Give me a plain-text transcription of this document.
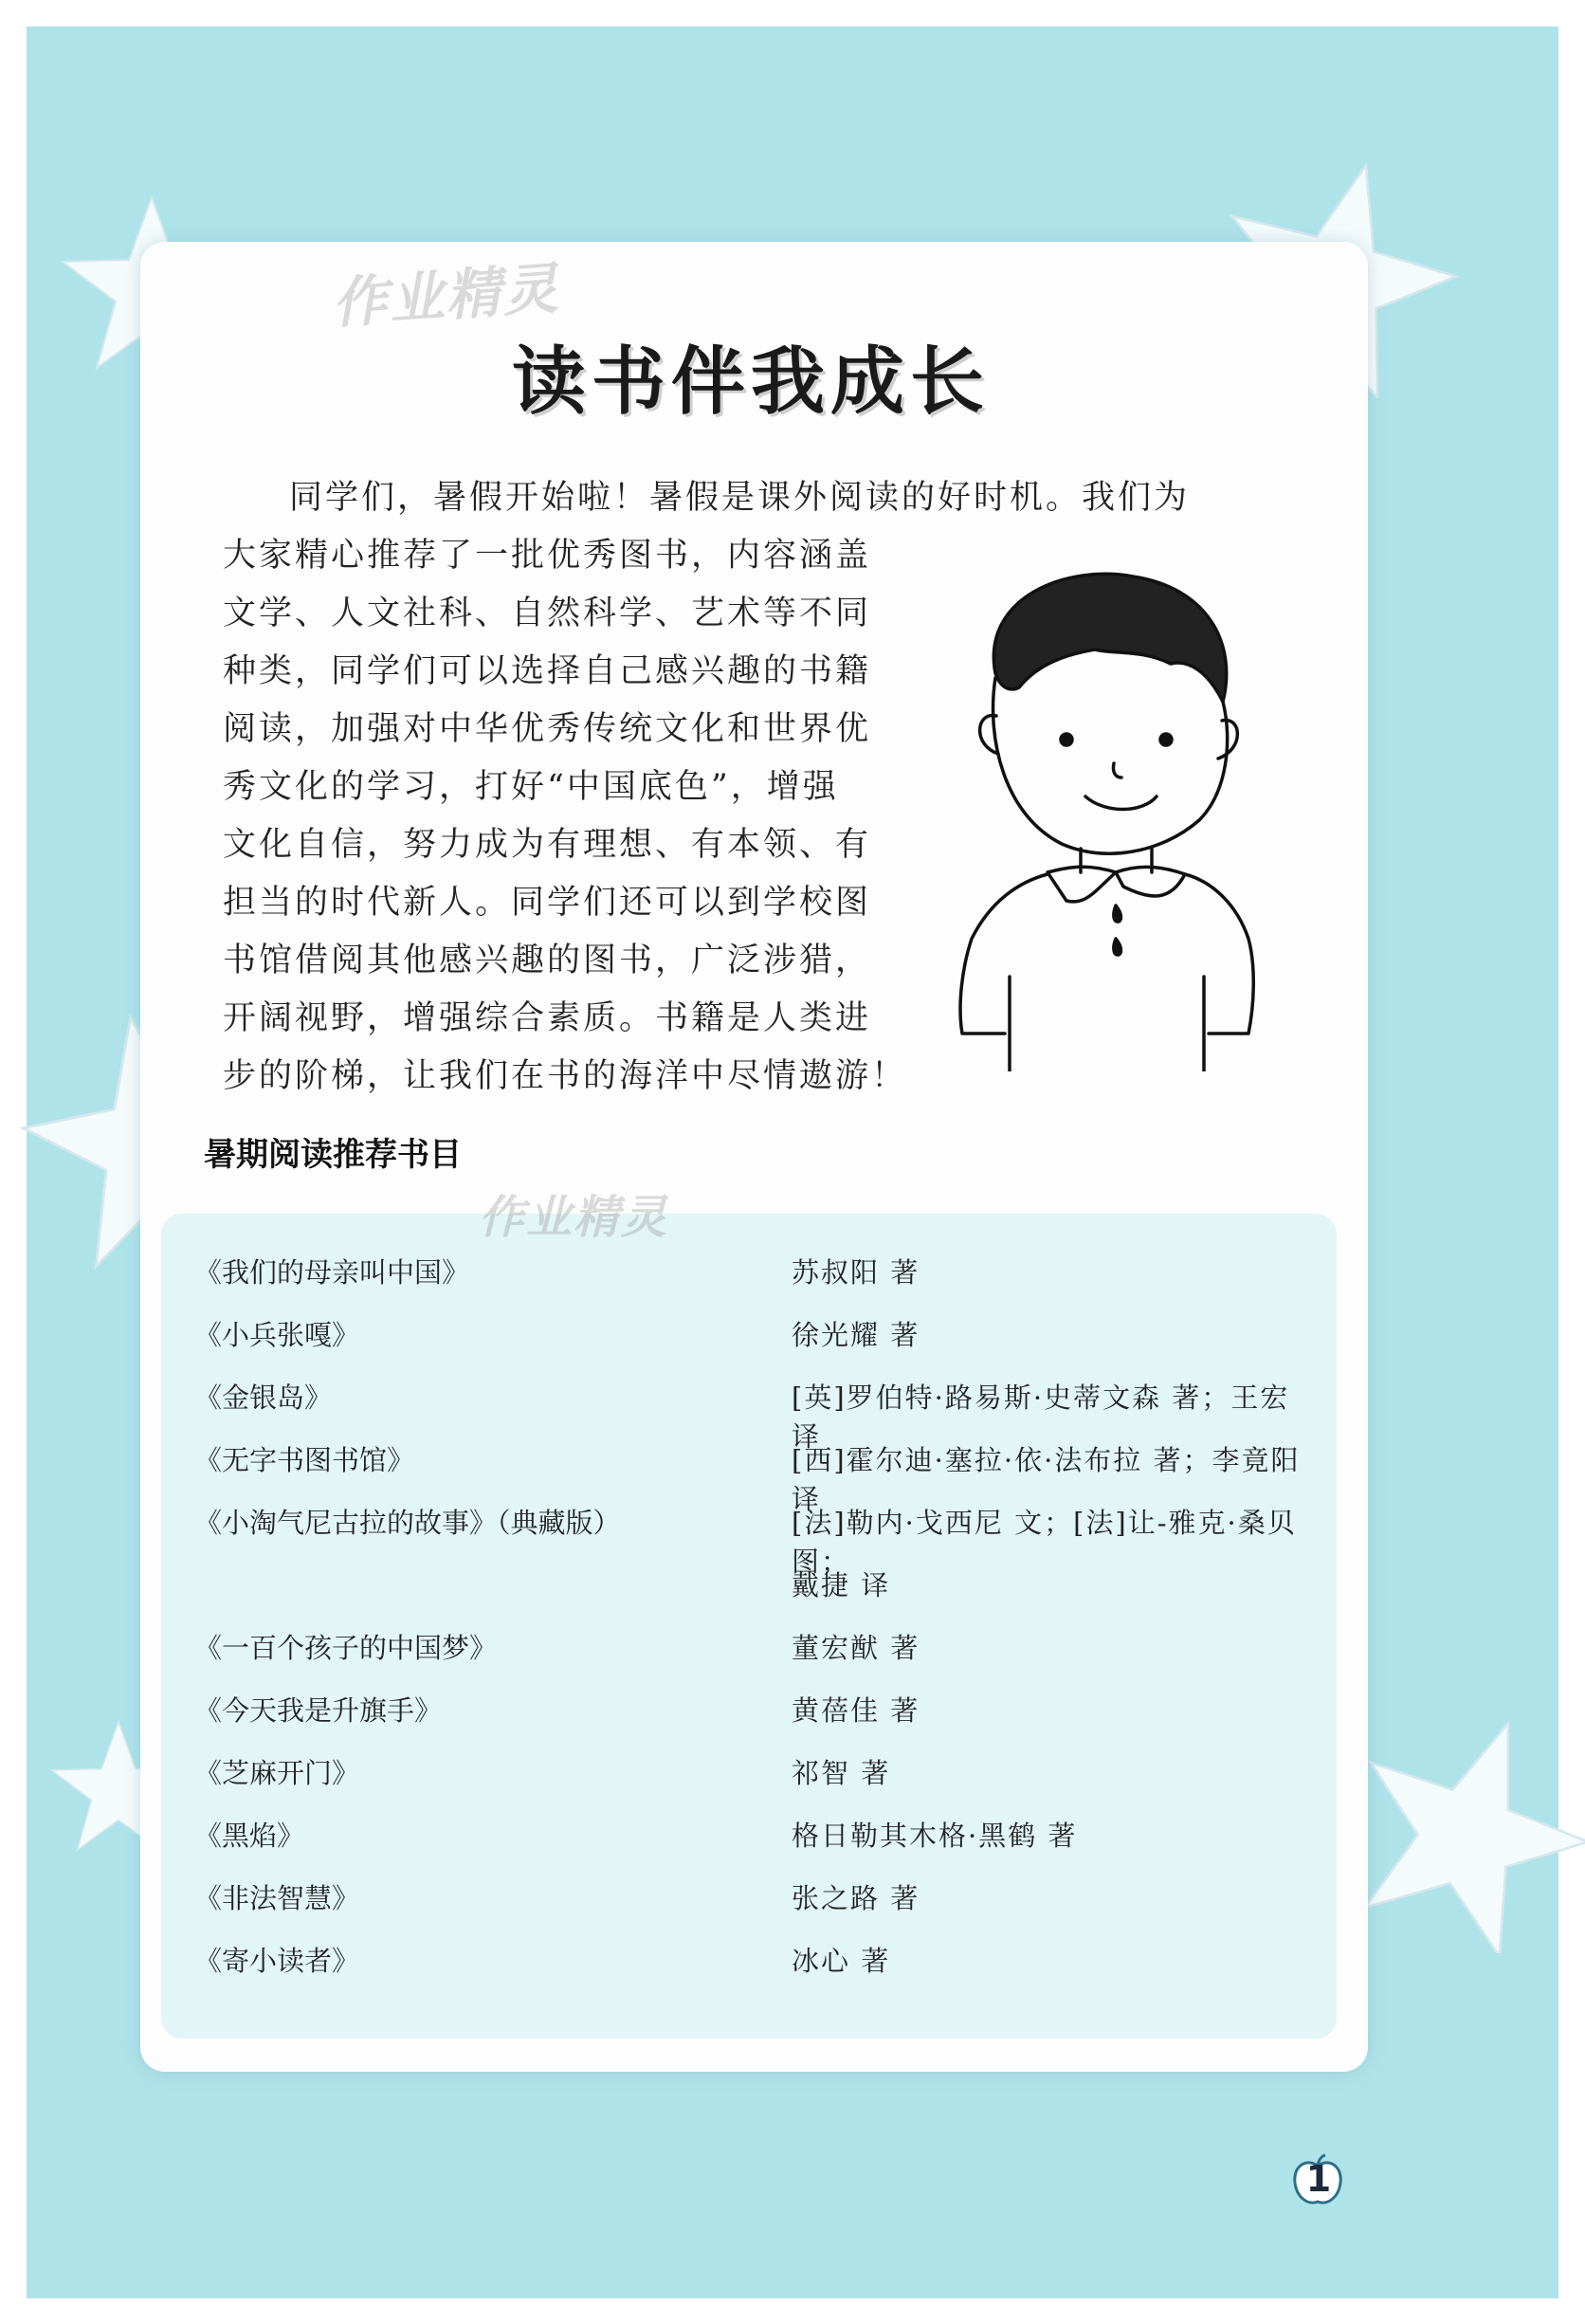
作业精灵
读书伴我成长
同学们，暑假开始啦！暑假是课外阅读的好时机。我们为
大家精心推荐了一批优秀图书，内容涵盖
文学、人文社科、自然科学、艺术等不同
种类，同学们可以选择自己感兴趣的书籍
阅读，加强对中华优秀传统文化和世界优
秀文化的学习，打好“中国底色”，增强
文化自信，努力成为有理想、有本领、有
担当的时代新人。同学们还可以到学校图
书馆借阅其他感兴趣的图书，广泛涉猎，
开阔视野，增强综合素质。书籍是人类进
步的阶梯，让我们在书的海洋中尽情遨游！
暑期阅读推荐书目
《我们的母亲叫中国》	苏叔阳 著
《小兵张嘎》	徐光耀 著
《金银岛》	[英]罗伯特·路易斯·史蒂文森 著；王宏 译
《无字书图书馆》	[西]霍尔迪·塞拉·依·法布拉 著；李竟阳 译
《小淘气尼古拉的故事》（典藏版）	[法]勒内·戈西尼 文；[法]让-雅克·桑贝 图；
戴捷 译
《一百个孩子的中国梦》	董宏猷 著
《今天我是升旗手》	黄蓓佳 著
《芝麻开门》	祁智 著
《黑焰》	格日勒其木格·黑鹤 著
《非法智慧》	张之路 著
《寄小读者》	冰心 著
作业精灵
1
